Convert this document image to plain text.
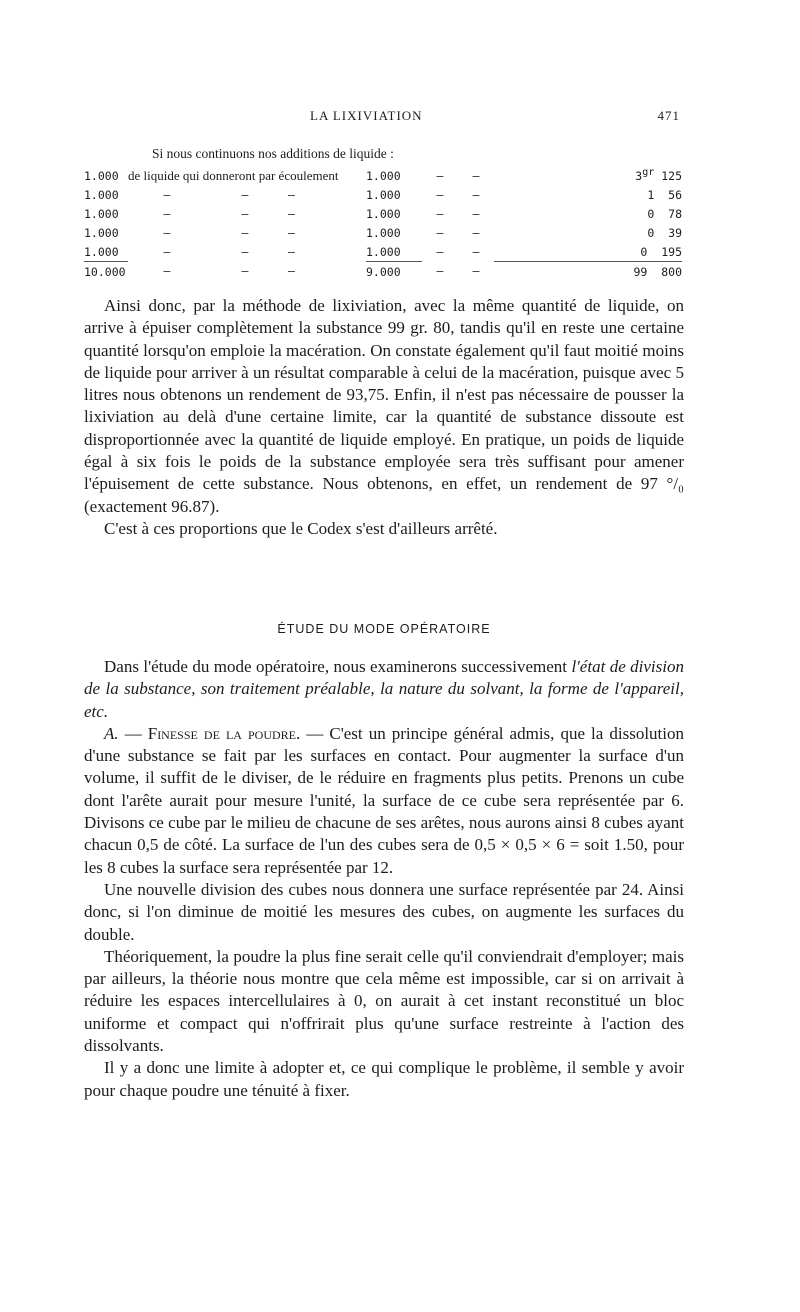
LA LIXIVIATION	471
Si nous continuons nos additions de liquide :
1.000	de liquide qui donneront par écoulement			1.000	—	—	$3^{gr}$ 125
1.000	—	—	—	1.000	—	—	1 56
1.000	—	—	—	1.000	—	—	0 78
1.000	—	—	—	1.000	—	—	0 39
1.000	—	—	—	1.000	—	—	0 195
10.000	—	—	—	9.000	—	—	99 800

Ainsi donc, par la méthode de lixiviation, avec la même quantité de liquide, on arrive à épuiser complètement la substance 99 gr. 80, tandis qu'il en reste une certaine quantité lorsqu'on emploie la macération. On constate également qu'il faut moitié moins de liquide pour arriver à un résultat comparable à celui de la macération, puisque avec 5 litres nous obtenons un rendement de 93,75. Enfin, il n'est pas nécessaire de pousser la lixiviation au delà d'une certaine limite, car la quantité de substance dissoute est disproportionnée avec la quantité de liquide employé. En pratique, un poids de liquide égal à six fois le poids de la substance employée sera très suffisant pour amener l'épuisement de cette substance. Nous obtenons, en effet, un rendement de 97 °/₀ (exactement 96.87).

C'est à ces proportions que le Codex s'est d'ailleurs arrêté.

ÉTUDE DU MODE OPÉRATOIRE

Dans l'étude du mode opératoire, nous examinerons successivement l'état de division de la substance, son traitement préalable, la nature du solvant, la forme de l'appareil, etc.

A. — Finesse de la poudre. — C'est un principe général admis, que la dissolution d'une substance se fait par les surfaces en contact. Pour augmenter la surface d'un volume, il suffit de le diviser, de le réduire en fragments plus petits. Prenons un cube dont l'arête aurait pour mesure l'unité, la surface de ce cube sera représentée par 6. Divisons ce cube par le milieu de chacune de ses arêtes, nous aurons ainsi 8 cubes ayant chacun 0,5 de côté. La surface de l'un des cubes sera de 0,5 × 0,5 × 6 = soit 1.50, pour les 8 cubes la surface sera représentée par 12.

Une nouvelle division des cubes nous donnera une surface représentée par 24. Ainsi donc, si l'on diminue de moitié les mesures des cubes, on augmente les surfaces du double.

Théoriquement, la poudre la plus fine serait celle qu'il conviendrait d'employer; mais par ailleurs, la théorie nous montre que cela même est impossible, car si on arrivait à réduire les espaces intercellulaires à 0, on aurait à cet instant reconstitué un bloc uniforme et compact qui n'offrirait plus qu'une surface restreinte à l'action des dissolvants.

Il y a donc une limite à adopter et, ce qui complique le problème, il semble y avoir pour chaque poudre une ténuité à fixer.
